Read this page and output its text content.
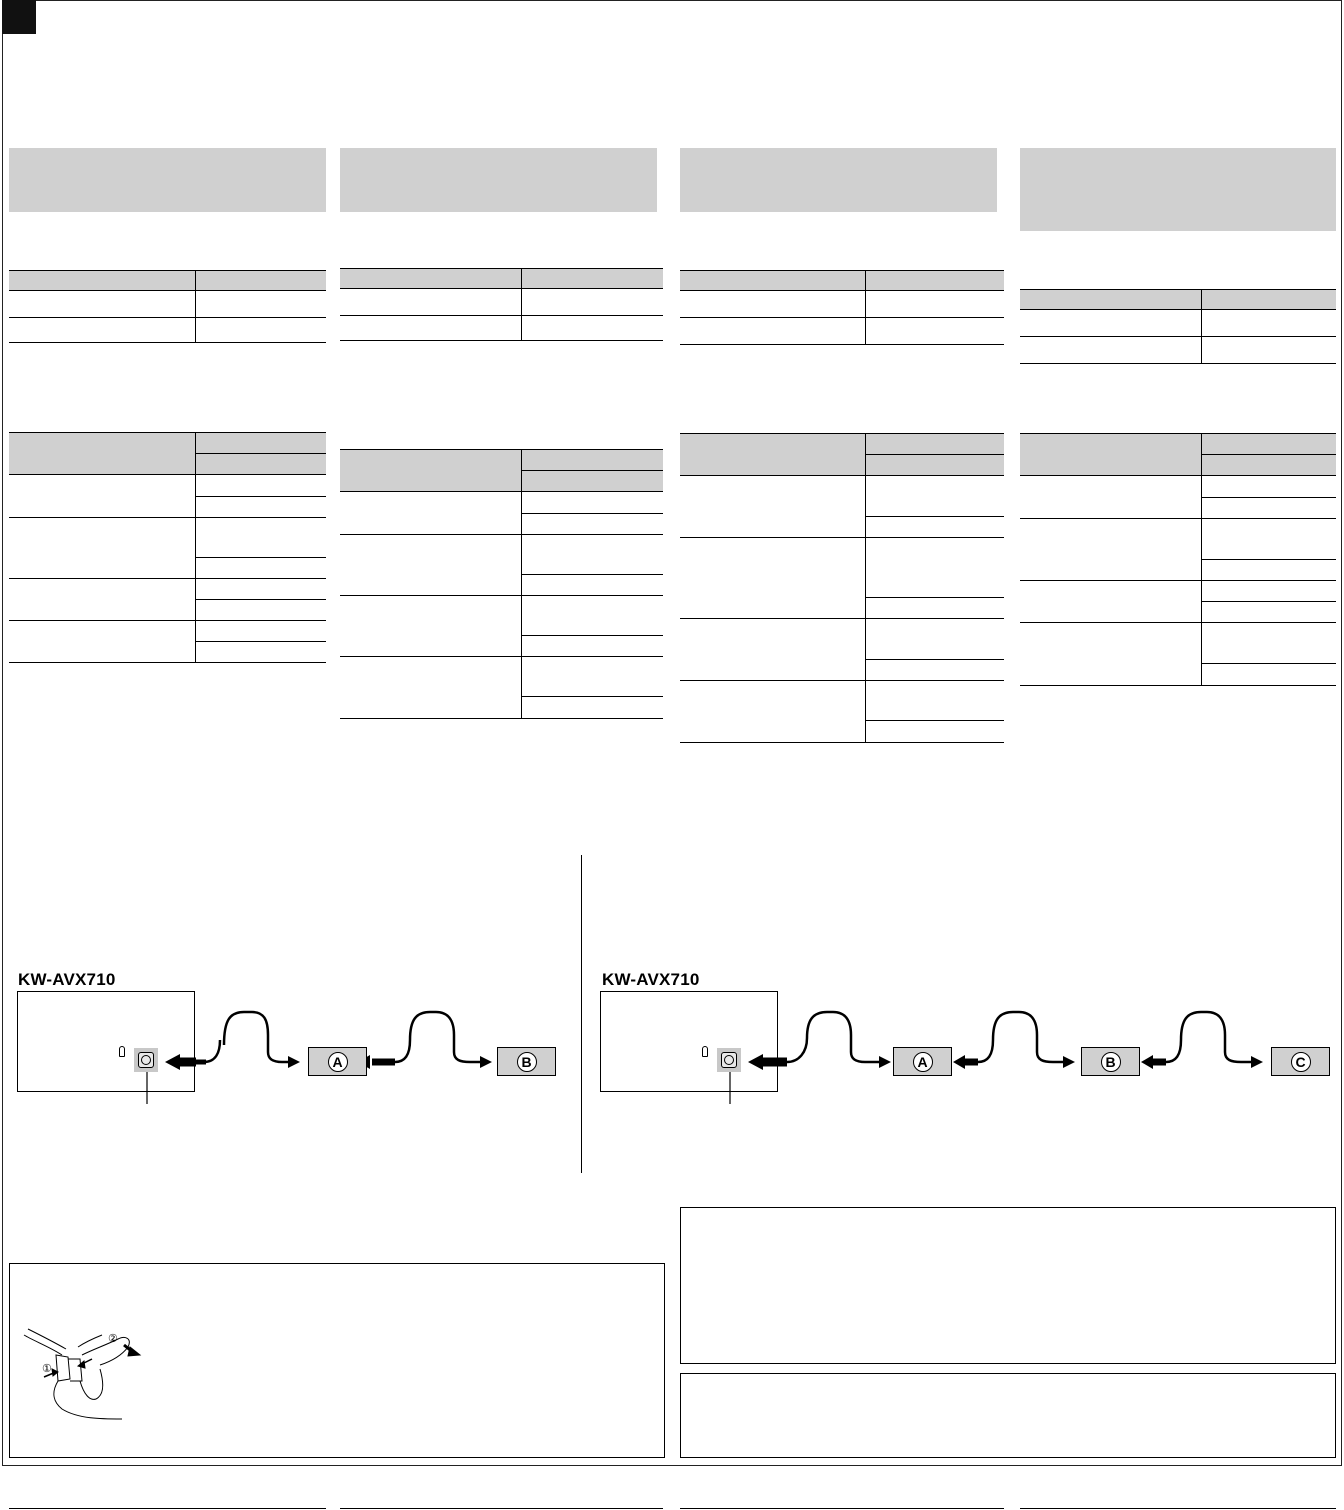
KW-AVX710
A	B
KW-AVX710
A	B	C
①
②
